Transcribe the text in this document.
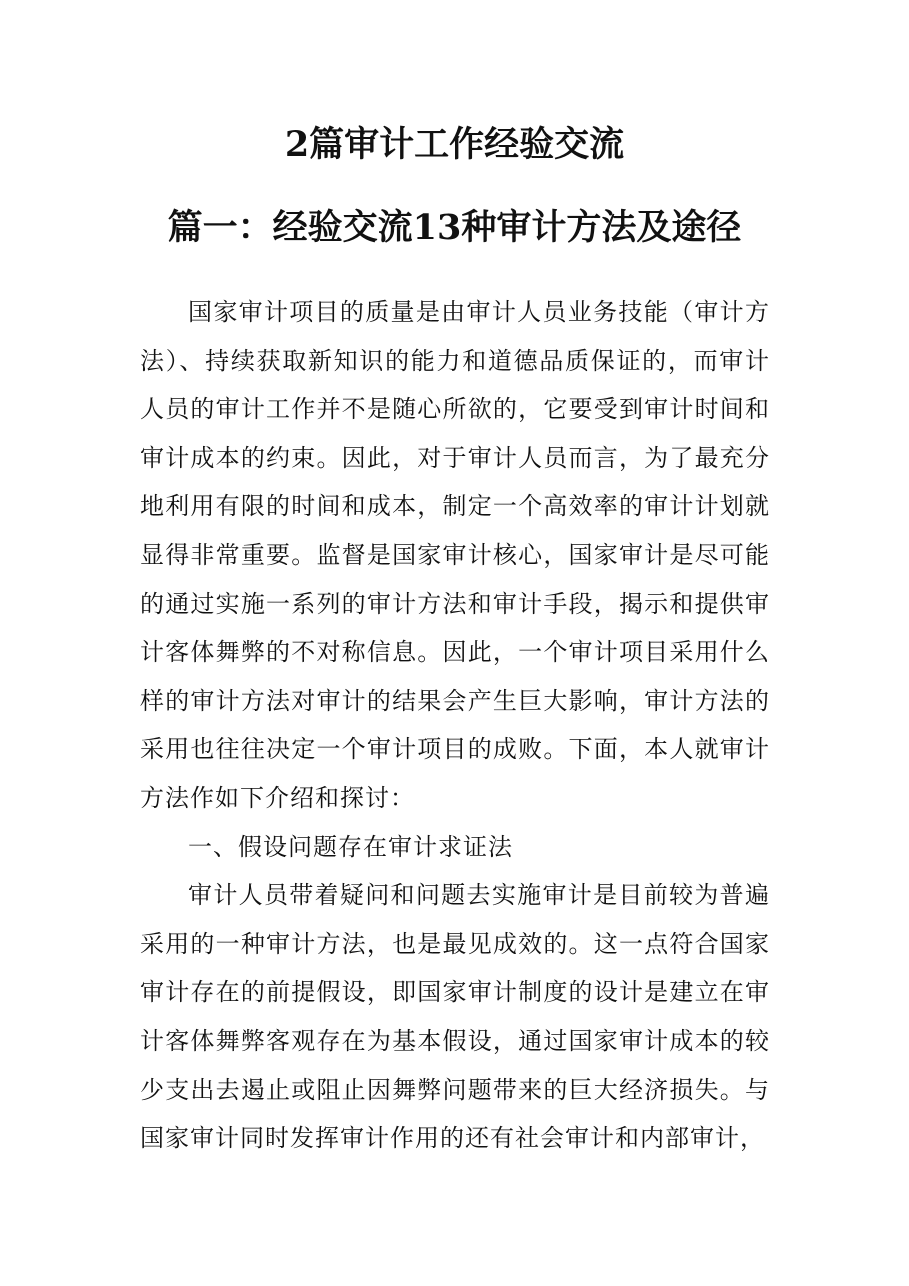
2篇审计工作经验交流
篇一：经验交流13种审计方法及途径

国家审计项目的质量是由审计人员业务技能（审计方法）、持续获取新知识的能力和道德品质保证的，而审计人员的审计工作并不是随心所欲的，它要受到审计时间和审计成本的约束。因此，对于审计人员而言，为了最充分地利用有限的时间和成本，制定一个高效率的审计计划就显得非常重要。监督是国家审计核心，国家审计是尽可能的通过实施一系列的审计方法和审计手段，揭示和提供审计客体舞弊的不对称信息。因此，一个审计项目采用什么样的审计方法对审计的结果会产生巨大影响，审计方法的采用也往往决定一个审计项目的成败。下面，本人就审计方法作如下介绍和探讨：

一、假设问题存在审计求证法

审计人员带着疑问和问题去实施审计是目前较为普遍采用的一种审计方法，也是最见成效的。这一点符合国家审计存在的前提假设，即国家审计制度的设计是建立在审计客体舞弊客观存在为基本假设，通过国家审计成本的较少支出去遏止或阻止因舞弊问题带来的巨大经济损失。与国家审计同时发挥审计作用的还有社会审计和内部审计，
